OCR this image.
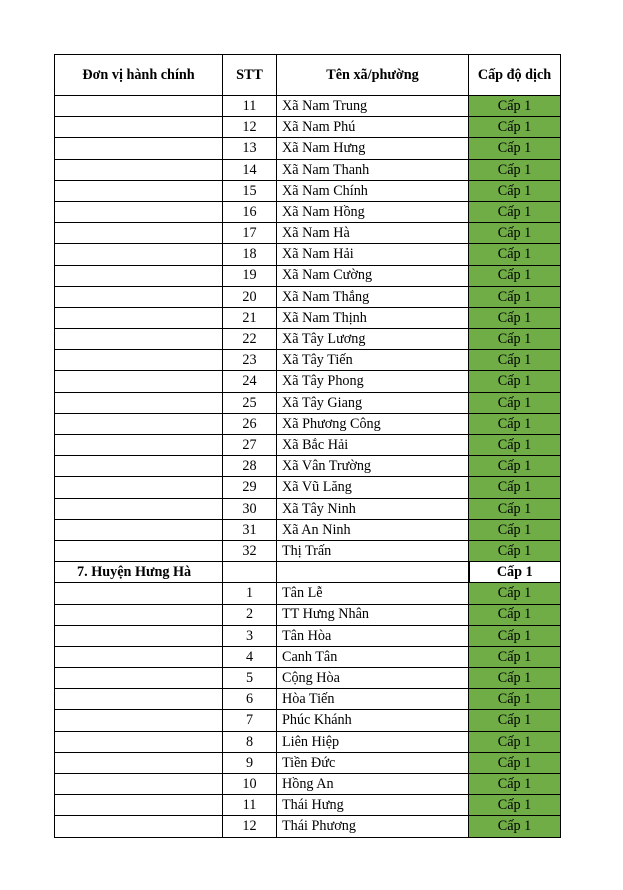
Đơn vị hành chính	STT	Tên xã/phường	Cấp độ dịch
	11	Xã Nam Trung	Cấp 1
	12	Xã Nam Phú	Cấp 1
	13	Xã Nam Hưng	Cấp 1
	14	Xã Nam Thanh	Cấp 1
	15	Xã Nam Chính	Cấp 1
	16	Xã Nam Hồng	Cấp 1
	17	Xã Nam Hà	Cấp 1
	18	Xã Nam Hải	Cấp 1
	19	Xã Nam Cường	Cấp 1
	20	Xã Nam Thắng	Cấp 1
	21	Xã Nam Thịnh	Cấp 1
	22	Xã Tây Lương	Cấp 1
	23	Xã Tây Tiến	Cấp 1
	24	Xã Tây Phong	Cấp 1
	25	Xã Tây Giang	Cấp 1
	26	Xã Phương Công	Cấp 1
	27	Xã Bắc Hải	Cấp 1
	28	Xã Vân Trường	Cấp 1
	29	Xã Vũ Lăng	Cấp 1
	30	Xã Tây Ninh	Cấp 1
	31	Xã An Ninh	Cấp 1
	32	Thị Trấn	Cấp 1
7. Huyện Hưng Hà			Cấp 1
	1	Tân Lễ	Cấp 1
	2	TT Hưng Nhân	Cấp 1
	3	Tân Hòa	Cấp 1
	4	Canh Tân	Cấp 1
	5	Cộng Hòa	Cấp 1
	6	Hòa Tiến	Cấp 1
	7	Phúc Khánh	Cấp 1
	8	Liên Hiệp	Cấp 1
	9	Tiền Đức	Cấp 1
	10	Hồng An	Cấp 1
	11	Thái Hưng	Cấp 1
	12	Thái Phương	Cấp 1
